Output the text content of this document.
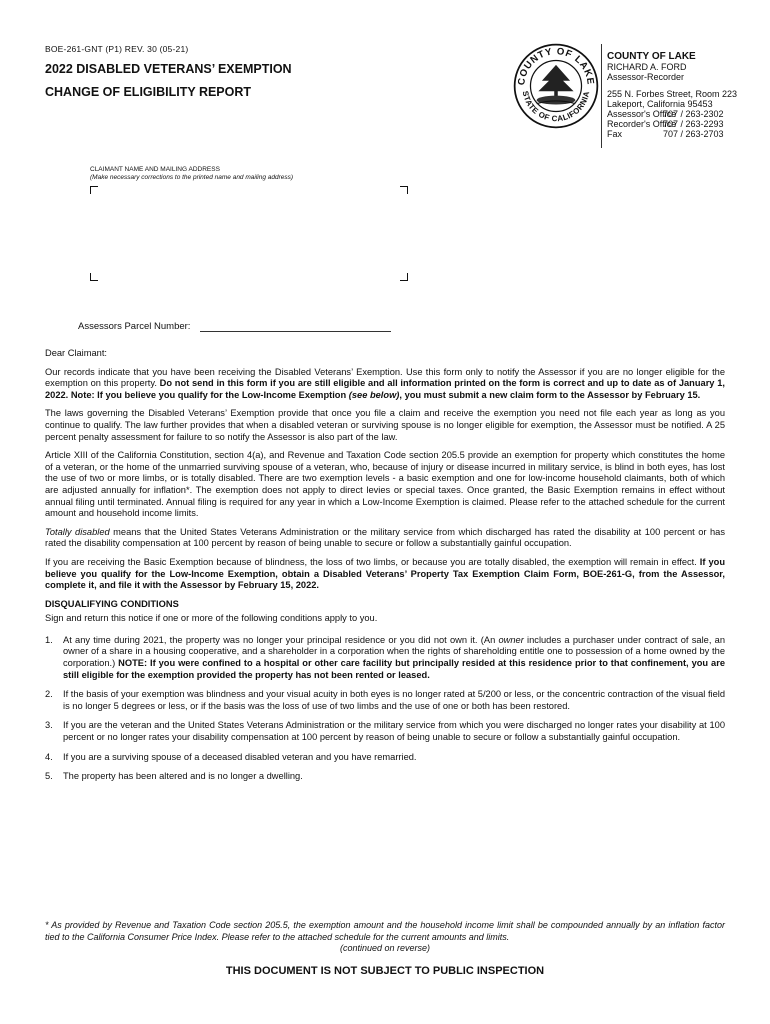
BOE-261-GNT (P1) REV. 30 (05-21)
2022 DISABLED VETERANS’ EXEMPTION
CHANGE OF ELIGIBILITY REPORT
COUNTY OF LAKE
STATE OF CALIFORNIA
COUNTY OF LAKE
RICHARD A. FORD
Assessor-Recorder
255 N. Forbes Street, Room 223
Lakeport, California 95453
Assessor's Office707 / 263-2302
Recorder's Office707 / 263-2293
Fax	707 / 263-2703
CLAIMANT NAME AND MAILING ADDRESS
(Make necessary corrections to the printed name and mailing address)
Assessors Parcel Number:

Dear Claimant:

Our records indicate that you have been receiving the Disabled Veterans’ Exemption. Use this form only to notify the Assessor if you are no longer eligible for the exemption on this property. Do not send in this form if you are still eligible and all information printed on the form is correct and up to date as of January 1, 2022. Note: If you believe you qualify for the Low-Income Exemption (see below), you must submit a new claim form to the Assessor by February 15.

The laws governing the Disabled Veterans’ Exemption provide that once you file a claim and receive the exemption you need not file each year as long as you continue to qualify. The law further provides that when a disabled veteran or surviving spouse is no longer eligible for exemption, the Assessor must be notified. A 25 percent penalty assessment for failure to so notify the Assessor is also part of the law.

Article XIII of the California Constitution, section 4(a), and Revenue and Taxation Code section 205.5 provide an exemption for property which constitutes the home of a veteran, or the home of the unmarried surviving spouse of a veteran, who, because of injury or disease incurred in military service, is blind in both eyes, has lost the use of two or more limbs, or is totally disabled. There are two exemption levels - a basic exemption and one for low-income household claimants, both of which are adjusted annually for inflation*. The exemption does not apply to direct levies or special taxes. Once granted, the Basic Exemption remains in effect without annual filing until terminated. Annual filing is required for any year in which a Low-Income Exemption is claimed. Please refer to the attached schedule for the current amount and household income limits.

Totally disabled means that the United States Veterans Administration or the military service from which discharged has rated the disability at 100 percent or has rated the disability compensation at 100 percent by reason of being unable to secure or follow a substantially gainful occupation.

If you are receiving the Basic Exemption because of blindness, the loss of two limbs, or because you are totally disabled, the exemption will remain in effect. If you believe you qualify for the Low-Income Exemption, obtain a Disabled Veterans’ Property Tax Exemption Claim Form, BOE-261-G, from the Assessor, complete it, and file it with the Assessor by February 15, 2022.

DISQUALIFYING CONDITIONS

Sign and return this notice if one or more of the following conditions apply to you.

1. At any time during 2021, the property was no longer your principal residence or you did not own it. (An owner includes a purchaser under contract of sale, an owner of a share in a housing cooperative, and a shareholder in a corporation when the rights of shareholding entitle one to possession of a home owned by the corporation.) NOTE: If you were confined to a hospital or other care facility but principally resided at this residence prior to that confinement, you are still eligible for the exemption provided the property has not been rented or leased.
2. If the basis of your exemption was blindness and your visual acuity in both eyes is no longer rated at 5/200 or less, or the concentric contraction of the visual field is no longer 5 degrees or less, or if the basis was the loss of use of two limbs and the use of one or both has been restored.
3. If you are the veteran and the United States Veterans Administration or the military service from which you were discharged no longer rates your disability at 100 percent or no longer rates your disability compensation at 100 percent by reason of being unable to secure or follow a substantially gainful occupation.
4. If you are a surviving spouse of a deceased disabled veteran and you have remarried.
5. The property has been altered and is no longer a dwelling.
* As provided by Revenue and Taxation Code section 205.5, the exemption amount and the household income limit shall be compounded annually by an inflation factor tied to the California Consumer Price Index. Please refer to the attached schedule for the current amounts and limits.
(continued on reverse)
THIS DOCUMENT IS NOT SUBJECT TO PUBLIC INSPECTION
